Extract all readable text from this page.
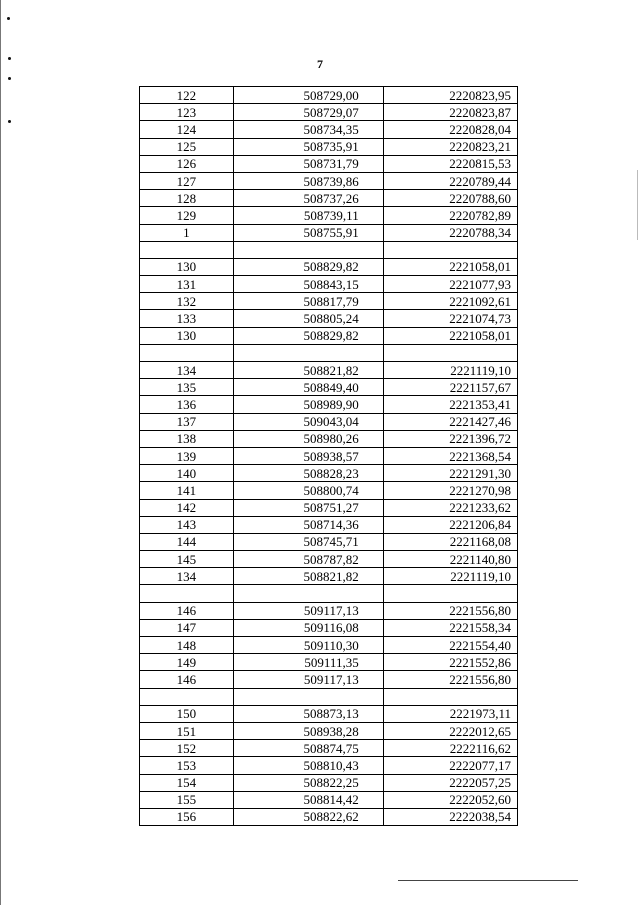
7
122	508729,00	2220823,95
123	508729,07	2220823,87
124	508734,35	2220828,04
125	508735,91	2220823,21
126	508731,79	2220815,53
127	508739,86	2220789,44
128	508737,26	2220788,60
129	508739,11	2220782,89
1	508755,91	2220788,34

130	508829,82	2221058,01
131	508843,15	2221077,93
132	508817,79	2221092,61
133	508805,24	2221074,73
130	508829,82	2221058,01

134	508821,82	2221119,10
135	508849,40	2221157,67
136	508989,90	2221353,41
137	509043,04	2221427,46
138	508980,26	2221396,72
139	508938,57	2221368,54
140	508828,23	2221291,30
141	508800,74	2221270,98
142	508751,27	2221233,62
143	508714,36	2221206,84
144	508745,71	2221168,08
145	508787,82	2221140,80
134	508821,82	2221119,10

146	509117,13	2221556,80
147	509116,08	2221558,34
148	509110,30	2221554,40
149	509111,35	2221552,86
146	509117,13	2221556,80

150	508873,13	2221973,11
151	508938,28	2222012,65
152	508874,75	2222116,62
153	508810,43	2222077,17
154	508822,25	2222057,25
155	508814,42	2222052,60
156	508822,62	2222038,54
